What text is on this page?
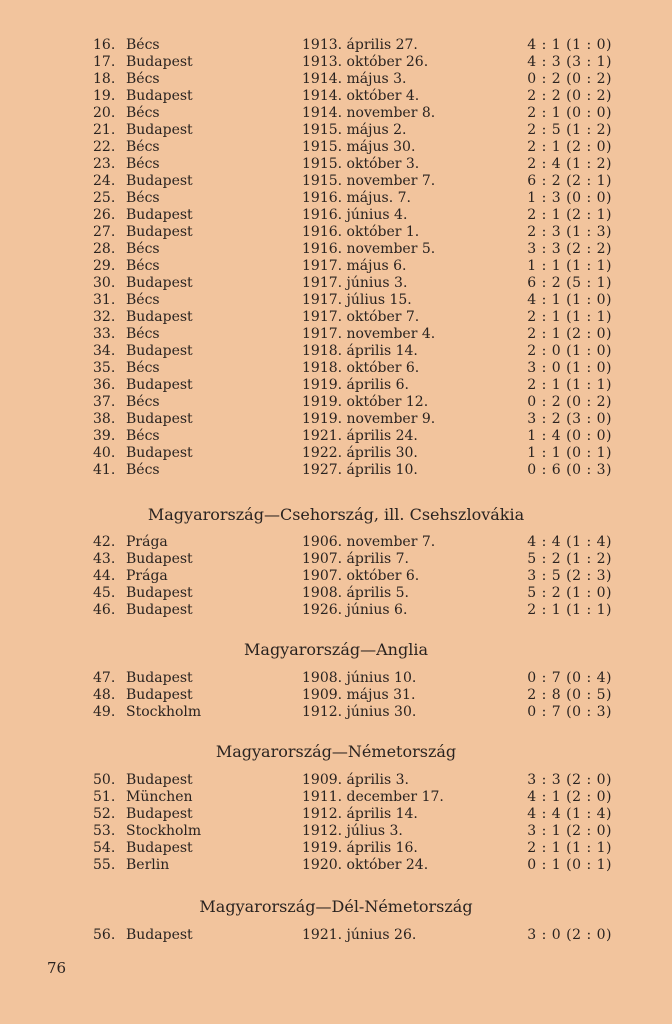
16. Bécs	1913. április 27.	4 : 1 (1 : 0)
17. Budapest	1913. október 26.	4 : 3 (3 : 1)
18. Bécs	1914. május 3.	0 : 2 (0 : 2)
19. Budapest	1914. október 4.	2 : 2 (0 : 2)
20. Bécs	1914. november 8.	2 : 1 (0 : 0)
21. Budapest	1915. május 2.	2 : 5 (1 : 2)
22. Bécs	1915. május 30.	2 : 1 (2 : 0)
23. Bécs	1915. október 3.	2 : 4 (1 : 2)
24. Budapest	1915. november 7.	6 : 2 (2 : 1)
25. Bécs	1916. május. 7.	1 : 3 (0 : 0)
26. Budapest	1916. június 4.	2 : 1 (2 : 1)
27. Budapest	1916. október 1.	2 : 3 (1 : 3)
28. Bécs	1916. november 5.	3 : 3 (2 : 2)
29. Bécs	1917. május 6.	1 : 1 (1 : 1)
30. Budapest	1917. június 3.	6 : 2 (5 : 1)
31. Bécs	1917. július 15.	4 : 1 (1 : 0)
32. Budapest	1917. október 7.	2 : 1 (1 : 1)
33. Bécs	1917. november 4.	2 : 1 (2 : 0)
34. Budapest	1918. április 14.	2 : 0 (1 : 0)
35. Bécs	1918. október 6.	3 : 0 (1 : 0)
36. Budapest	1919. április 6.	2 : 1 (1 : 1)
37. Bécs	1919. október 12.	0 : 2 (0 : 2)
38. Budapest	1919. november 9.	3 : 2 (3 : 0)
39. Bécs	1921. április 24.	1 : 4 (0 : 0)
40. Budapest	1922. április 30.	1 : 1 (0 : 1)
41. Bécs	1927. április 10.	0 : 6 (0 : 3)
Magyarország—Csehország, ill. Csehszlovákia
42. Prága	1906. november 7.	4 : 4 (1 : 4)
43. Budapest	1907. április 7.	5 : 2 (1 : 2)
44. Prága	1907. október 6.	3 : 5 (2 : 3)
45. Budapest	1908. április 5.	5 : 2 (1 : 0)
46. Budapest	1926. június 6.	2 : 1 (1 : 1)
Magyarország—Anglia
47. Budapest	1908. június 10.	0 : 7 (0 : 4)
48. Budapest	1909. május 31.	2 : 8 (0 : 5)
49. Stockholm	1912. június 30.	0 : 7 (0 : 3)
Magyarország—Németország
50. Budapest	1909. április 3.	3 : 3 (2 : 0)
51. München	1911. december 17.	4 : 1 (2 : 0)
52. Budapest	1912. április 14.	4 : 4 (1 : 4)
53. Stockholm	1912. július 3.	3 : 1 (2 : 0)
54. Budapest	1919. április 16.	2 : 1 (1 : 1)
55. Berlin	1920. október 24.	0 : 1 (0 : 1)
Magyarország—Dél-Németország
56. Budapest	1921. június 26.	3 : 0 (2 : 0)
76
